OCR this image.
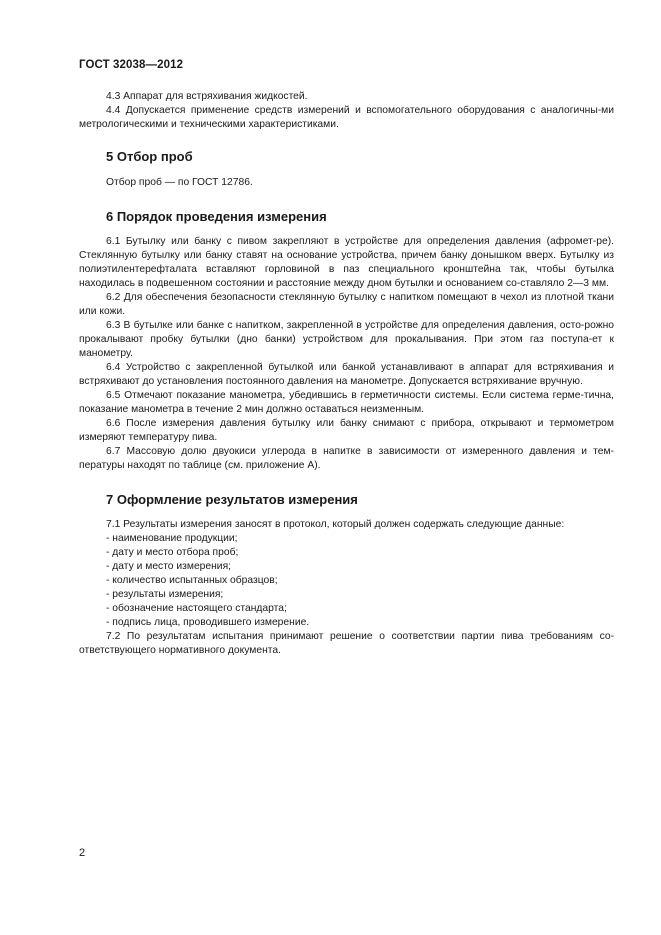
ГОСТ 32038—2012

4.3 Аппарат для встряхивания жидкостей.

4.4 Допускается применение средств измерений и вспомогательного оборудования с аналогичны-ми метрологическими и техническими характеристиками.

5 Отбор проб

Отбор проб — по ГОСТ 12786.

6 Порядок проведения измерения

6.1 Бутылку или банку с пивом закрепляют в устройстве для определения давления (афромет-ре). Стеклянную бутылку или банку ставят на основание устройства, причем банку донышком вверх. Бутылку из полиэтилентерефталата вставляют горловиной в паз специального кронштейна так, чтобы бутылка находилась в подвешенном состоянии и расстояние между дном бутылки и основанием со-ставляло 2—3 мм.

6.2 Для обеспечения безопасности стеклянную бутылку с напитком помещают в чехол из плотной ткани или кожи.

6.3 В бутылке или банке с напитком, закрепленной в устройстве для определения давления, осто-рожно прокалывают пробку бутылки (дно банки) устройством для прокалывания. При этом газ поступа-ет к манометру.

6.4 Устройство с закрепленной бутылкой или банкой устанавливают в аппарат для встряхивания и встряхивают до установления постоянного давления на манометре. Допускается встряхивание вручную.

6.5 Отмечают показание манометра, убедившись в герметичности системы. Если система герме-тична, показание манометра в течение 2 мин должно оставаться неизменным.

6.6 После измерения давления бутылку или банку снимают с прибора, открывают и термометром измеряют температуру пива.

6.7 Массовую долю двуокиси углерода в напитке в зависимости от измеренного давления и тем-пературы находят по таблице (см. приложение А).

7 Оформление результатов измерения

7.1 Результаты измерения заносят в протокол, который должен содержать следующие данные:

- наименование продукции;

- дату и место отбора проб;

- дату и место измерения;

- количество испытанных образцов;

- результаты измерения;

- обозначение настоящего стандарта;

- подпись лица, проводившего измерение.

7.2 По результатам испытания принимают решение о соответствии партии пива требованиям со-ответствующего нормативного документа.

2
